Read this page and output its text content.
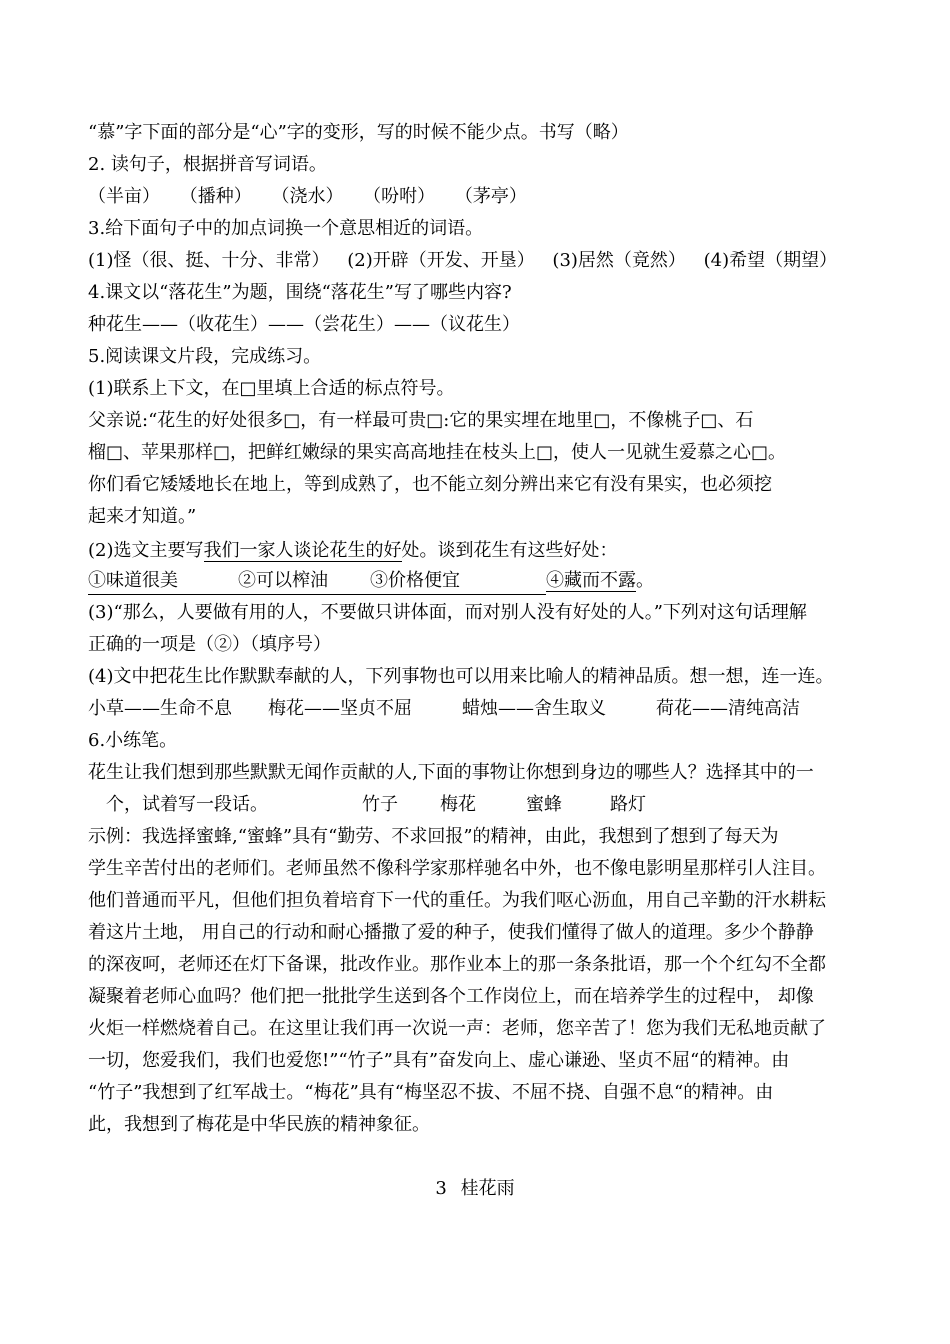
“慕”字下面的部分是“心”字的变形，写的时候不能少点。书写（略）
2. 读句子，根据拼音写词语。
（半亩） （播种） （浇水） （吩咐） （茅亭）
3.给下面句子中的加点词换一个意思相近的词语。
(1)怪（很、挺、十分、非常） (2)开辟（开发、开垦） (3)居然（竟然） (4)希望（期望）
4.课文以“落花生”为题，围绕“落花生”写了哪些内容?
种花生——（收花生）——（尝花生）——（议花生）
5.阅读课文片段，完成练习。
(1)联系上下文，在□里填上合适的标点符号。
父亲说:“花生的好处很多□，有一样最可贵□:它的果实埋在地里□，不像桃子□、石
榴□、苹果那样□，把鲜红嫩绿的果实高高地挂在枝头上□，使人一见就生爱慕之心□。
你们看它矮矮地长在地上，等到成熟了，也不能立刻分辨出来它有没有果实，也必须挖
起来才知道。”
(2)选文主要写我们一家人谈论花生的好处。谈到花生有这些好处：
①味道很美	②可以榨油 ③价格便宜	④藏而不露。
(3)“那么，人要做有用的人，不要做只讲体面，而对别人没有好处的人。”下列对这句话理解
正确的一项是（②）（填序号）
(4)文中把花生比作默默奉献的人，下列事物也可以用来比喻人的精神品质。想一想，连一连。
小草——生命不息 梅花——坚贞不屈	蜡烛——舍生取义	荷花——清纯高洁
6.小练笔。
花生让我们想到那些默默无闻作贡献的人,下面的事物让你想到身边的哪些人？选择其中的一
个，试着写一段话。	竹子 梅花	蜜蜂	路灯
示例：我选择蜜蜂,“蜜蜂”具有“勤劳、不求回报”的精神，由此，我想到了想到了每天为
学生辛苦付出的老师们。老师虽然不像科学家那样驰名中外，也不像电影明星那样引人注目。
他们普通而平凡，但他们担负着培育下一代的重任。为我们呕心沥血，用自己辛勤的汗水耕耘
着这片土地， 用自己的行动和耐心播撒了爱的种子，使我们懂得了做人的道理。多少个静静
的深夜呵，老师还在灯下备课，批改作业。那作业本上的那一条条批语，那一个个红勾不全都
凝聚着老师心血吗？他们把一批批学生送到各个工作岗位上，而在培养学生的过程中， 却像
火炬一样燃烧着自己。在这里让我们再一次说一声：老师，您辛苦了！您为我们无私地贡献了
一切，您爱我们，我们也爱您!”“竹子”具有”奋发向上、虚心谦逊、坚贞不屈“的精神。由
“竹子”我想到了红军战士。“梅花”具有“梅坚忍不拔、不屈不挠、自强不息“的精神。由
此，我想到了梅花是中华民族的精神象征。
3 桂花雨
